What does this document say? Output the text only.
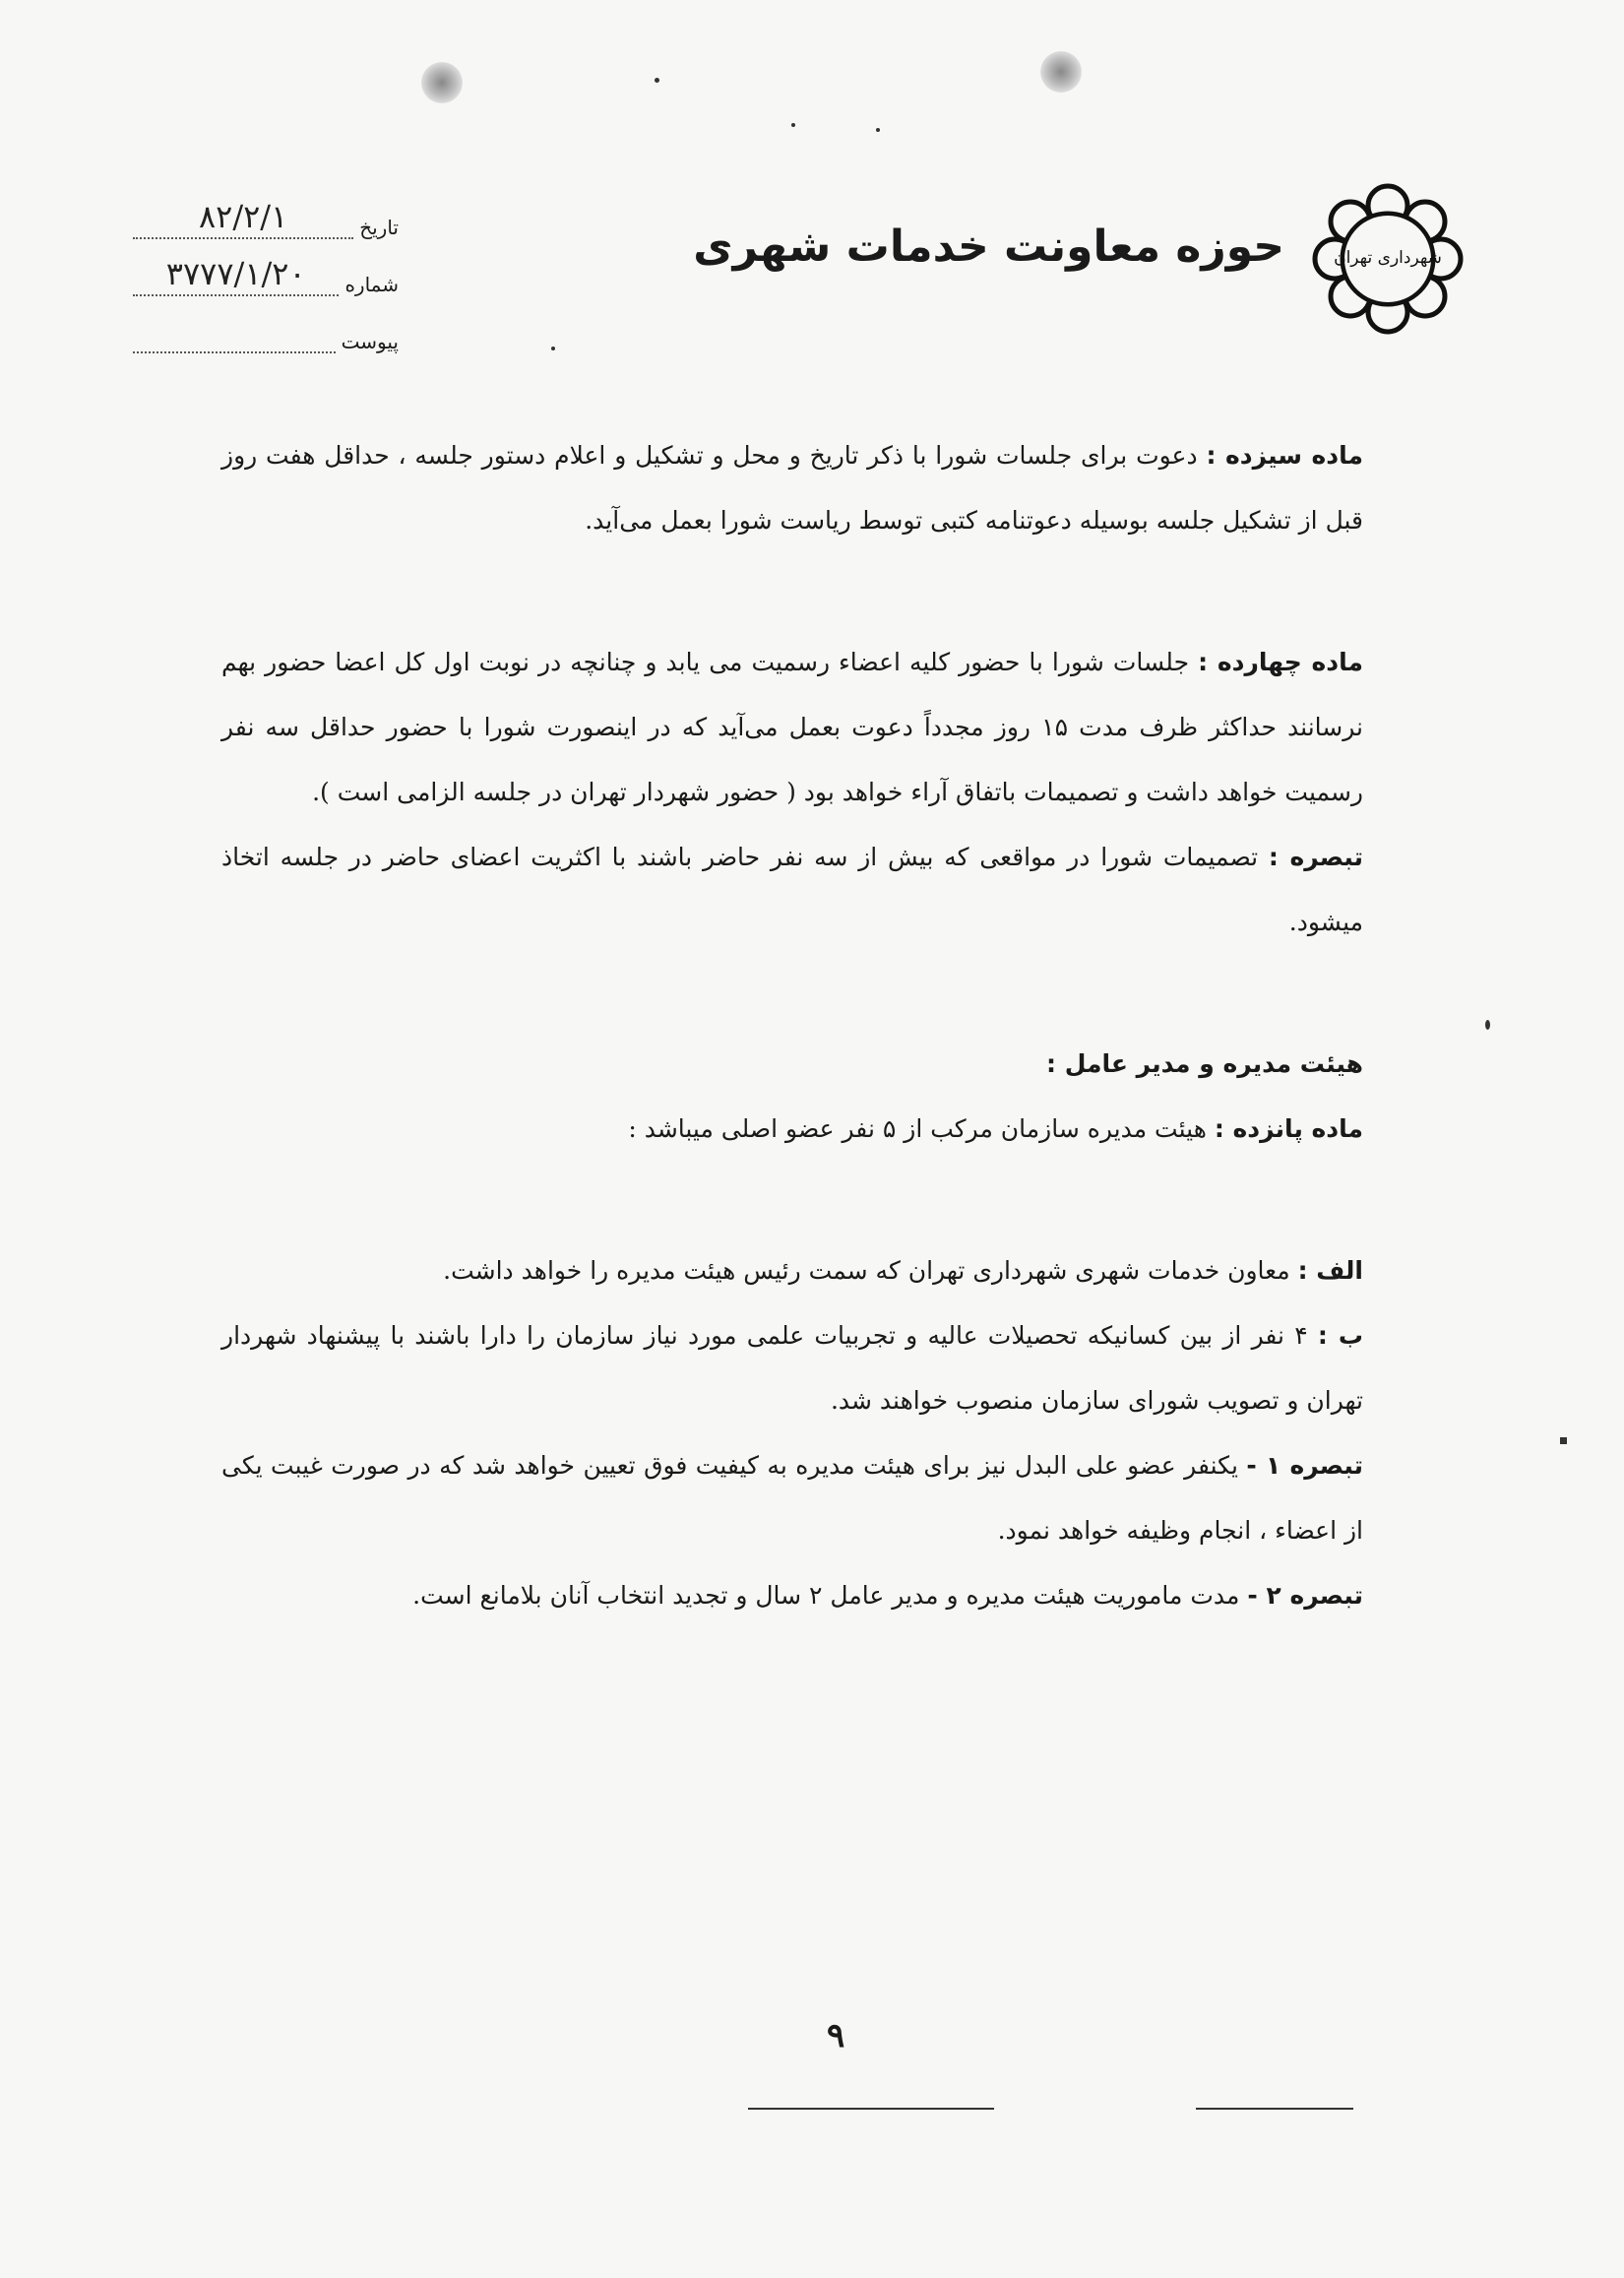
تاریخ
۸۲/۲/۱
شماره
۳۷۷۷/۱/۲۰
پیوست
حوزه معاونت خدمات شهری	شهرداری تهران

ماده سیزده : دعوت برای جلسات شورا با ذکر تاریخ و محل و تشکیل و اعلام دستور جلسه ، حداقل هفت روز قبل از تشکیل جلسه بوسیله دعوتنامه کتبی توسط ریاست شورا بعمل می‌آید.

ماده چهارده : جلسات شورا با حضور کلیه اعضاء رسمیت می یابد و چنانچه در نوبت اول کل اعضا حضور بهم نرسانند حداکثر ظرف مدت ۱۵ روز مجدداً دعوت بعمل می‌آید که در اینصورت شورا با حضور حداقل سه نفر رسمیت خواهد داشت و تصمیمات باتفاق آراء خواهد بود ( حضور شهردار تهران در جلسه الزامی است ).

تبصره : تصمیمات شورا در مواقعی که بیش از سه نفر حاضر باشند با اکثریت اعضای حاضر در جلسه اتخاذ میشود.

هیئت مدیره و مدیر عامل :

ماده پانزده : هیئت مدیره سازمان مرکب از ۵ نفر عضو اصلی میباشد :

الف : معاون خدمات شهری شهرداری تهران که سمت رئیس هیئت مدیره را خواهد داشت.

ب : ۴ نفر از بین کسانیکه تحصیلات عالیه و تجربیات علمی مورد نیاز سازمان را دارا باشند با پیشنهاد شهردار تهران و تصویب شورای سازمان منصوب خواهند شد.

تبصره ۱ - یکنفر عضو علی البدل نیز برای هیئت مدیره به کیفیت فوق تعیین خواهد شد که در صورت غیبت یکی از اعضاء ، انجام وظیفه خواهد نمود.

تبصره ۲ - مدت ماموریت هیئت مدیره و مدیر عامل ۲ سال و تجدید انتخاب آنان بلامانع است.

۹
